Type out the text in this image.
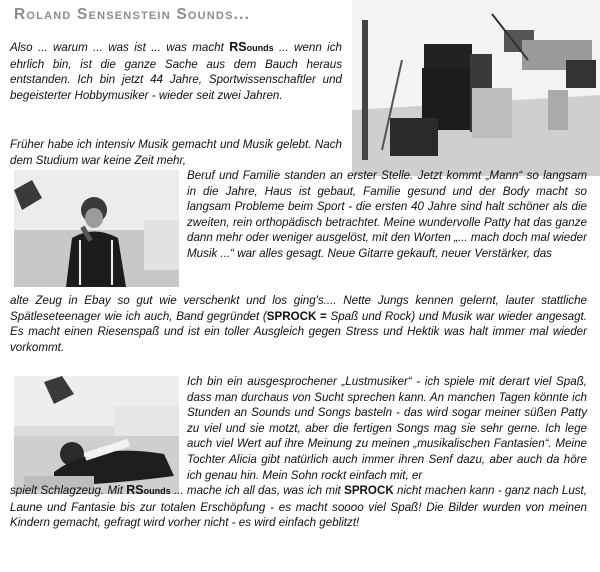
Roland Sensenstein Sounds...

Also ... warum ... was ist ... was macht RSounds ... wenn ich ehrlich bin, ist die ganze Sache aus dem Bauch heraus entstanden. Ich bin jetzt 44 Jahre, Sportwissenschaftler und begeisterter Hobbymusiker - wieder seit zwei Jahren.

Früher habe ich intensiv Musik gemacht und Musik gelebt. Nach dem Studium war keine Zeit mehr,

Beruf und Familie standen an erster Stelle. Jetzt kommt „Mann“ so langsam in die Jahre, Haus ist gebaut, Familie gesund und der Body macht so langsam Probleme beim Sport - die ersten 40 Jahre sind halt schöner als die zweiten, rein orthopädisch betrachtet. Meine wundervolle Patty hat das ganze dann mehr oder weniger ausgelöst, mit den Worten „... mach doch mal wieder Musik ...“ war alles gesagt. Neue Gitarre gekauft, neuer Verstärker, das

alte Zeug in Ebay so gut wie verschenkt und los ging's.... Nette Jungs kennen gelernt, lauter stattliche Spätleseteenager wie ich auch, Band gegründet (SPROCK = Spaß und Rock) und Musik war wieder angesagt. Es macht einen Riesenspaß und ist ein toller Ausgleich gegen Stress und Hektik was halt immer mal wieder vorkommt.

Ich bin ein ausgesprochener „Lustmusiker“ - ich spiele mit derart viel Spaß, dass man durchaus von Sucht sprechen kann. An manchen Tagen könnte ich Stunden an Sounds und Songs basteln - das wird sogar meiner süßen Patty zu viel und sie motzt, aber die fertigen Songs mag sie sehr gerne. Ich lege auch viel Wert auf ihre Meinung zu meinen „musikalischen Fantasien“. Meine Tochter Alicia gibt natürlich auch immer ihren Senf dazu, aber auch da höre ich genau hin. Mein Sohn rockt einfach mit, er

spielt Schlagzeug. Mit RSounds ... mache ich all das, was ich mit SPROCK nicht machen kann - ganz nach Lust, Laune und Fantasie bis zur totalen Erschöpfung - es macht soooo viel Spaß! Die Bilder wurden von meinen Kindern gemacht, gefragt wird vorher nicht - es wird einfach geblitzt!
